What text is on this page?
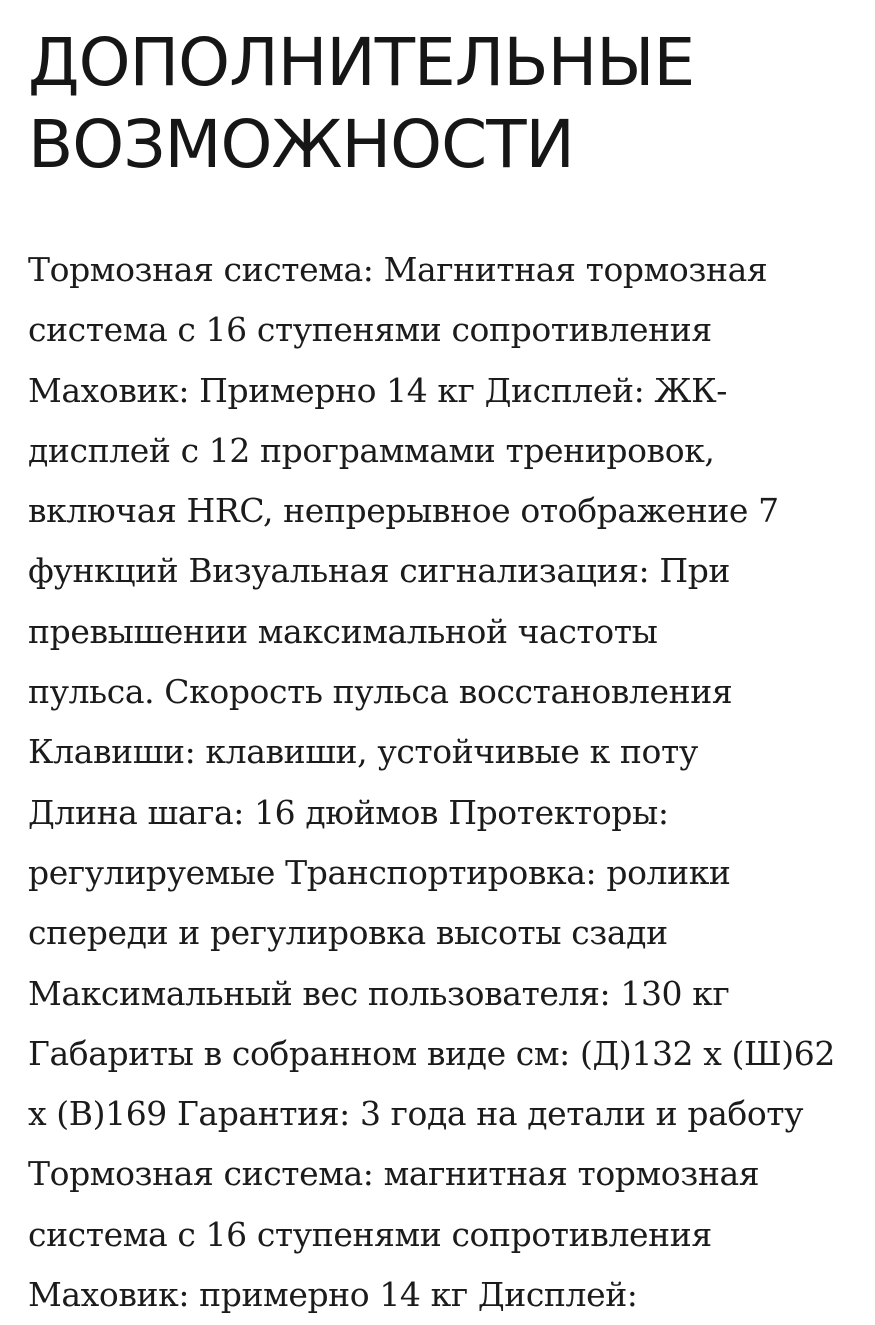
ДОПОЛНИТЕЛЬНЫЕ
ВОЗМОЖНОСТИ
Тормозная система: Магнитная тормозная
система с 16 ступенями сопротивления
Маховик: Примерно 14 кг Дисплей: ЖК-
дисплей с 12 программами тренировок,
включая HRC, непрерывное отображение 7
функций Визуальная сигнализация: При
превышении максимальной частоты
пульса. Скорость пульса восстановления
Клавиши: клавиши, устойчивые к поту
Длина шага: 16 дюймов Протекторы:
регулируемые Транспортировка: ролики
спереди и регулировка высоты сзади
Максимальный вес пользователя: 130 кг
Габариты в собранном виде см: (Д)132 х (Ш)62
х (В)169 Гарантия: 3 года на детали и работу
Тормозная система: магнитная тормозная
система с 16 ступенями сопротивления
Маховик: примерно 14 кг Дисплей:
